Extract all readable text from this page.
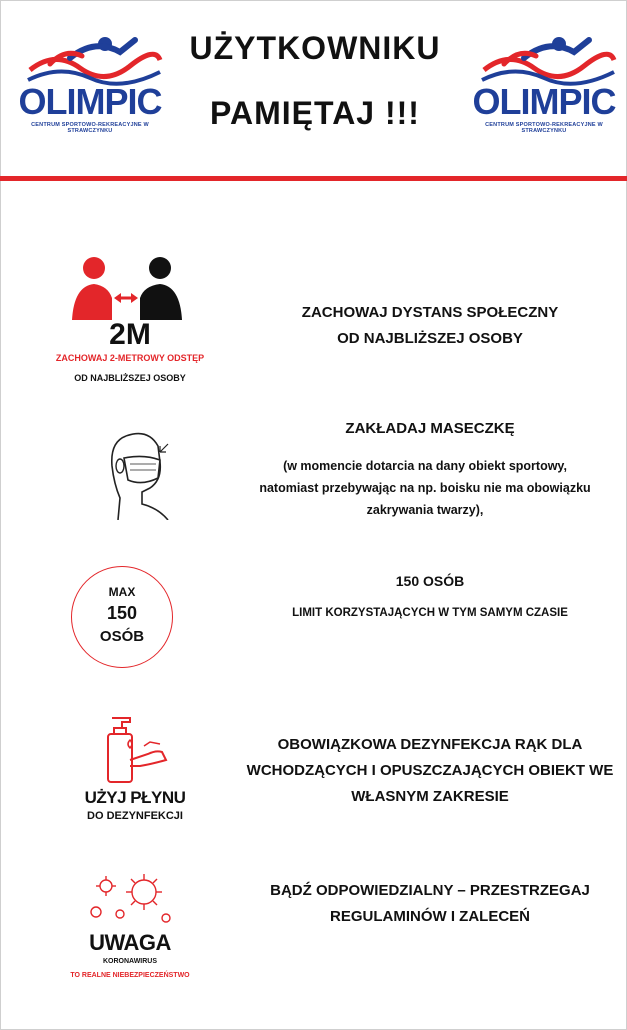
OLIMPIC
CENTRUM SPORTOWO-REKREACYJNE W STRAWCZYNKU
OLIMPIC
CENTRUM SPORTOWO-REKREACYJNE W STRAWCZYNKU
UŻYTKOWNIKU
PAMIĘTAJ !!!
2M
ZACHOWAJ 2-METROWY ODSTĘP
OD NAJBLIŻSZEJ OSOBY
ZACHOWAJ DYSTANS SPOŁECZNY
OD NAJBLIŻSZEJ OSOBY
ZAKŁADAJ MASECZKĘ
(w momencie dotarcia na dany obiekt sportowy,
natomiast przebywając na np. boisku nie ma obowiązku
zakrywania twarzy),
MAX
150
OSÓB
150 OSÓB
LIMIT KORZYSTAJĄCYCH W TYM SAMYM CZASIE
UŻYJ PŁYNU
DO DEZYNFEKCJI
OBOWIĄZKOWA DEZYNFEKCJA RĄK DLA
WCHODZĄCYCH I OPUSZCZAJĄCYCH OBIEKT WE
WŁASNYM ZAKRESIE
UWAGA
KORONAWIRUS
TO REALNE NIEBEZPIECZEŃSTWO
BĄDŹ ODPOWIEDZIALNY – PRZESTRZEGAJ
REGULAMINÓW I ZALECEŃ
